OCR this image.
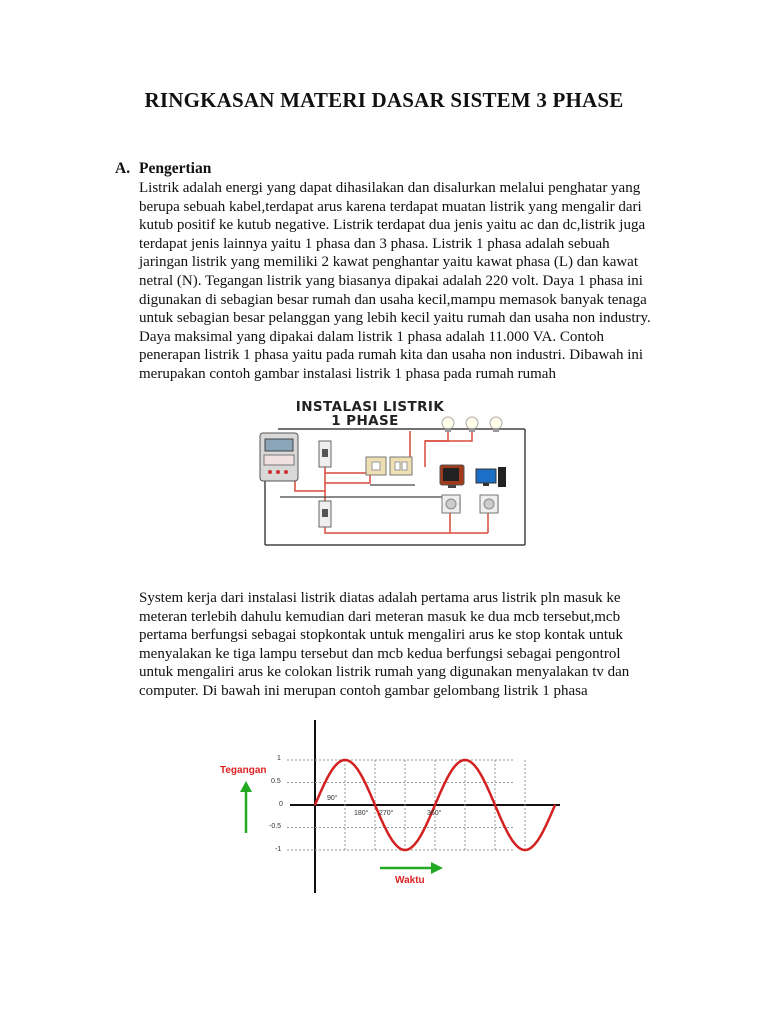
RINGKASAN MATERI DASAR SISTEM 3 PHASE
A. Pengertian
Listrik adalah energi yang dapat dihasilakan dan disalurkan melalui penghatar yang
berupa sebuah kabel,terdapat arus karena terdapat muatan listrik yang mengalir dari
kutub positif ke kutub negative. Listrik terdapat dua jenis yaitu ac dan dc,listrik juga
terdapat jenis lainnya yaitu 1 phasa dan 3 phasa. Listrik 1 phasa adalah sebuah
jaringan listrik yang memiliki 2 kawat penghantar yaitu kawat phasa (L) dan kawat
netral (N). Tegangan listrik yang biasanya dipakai adalah 220 volt. Daya 1 phasa ini
digunakan di sebagian besar rumah dan usaha kecil,mampu memasok banyak tenaga
untuk sebagian besar pelanggan yang lebih kecil yaitu rumah dan usaha non industry.
Daya maksimal yang dipakai dalam listrik 1 phasa adalah 11.000 VA. Contoh
penerapan listrik 1 phasa yaitu pada rumah kita dan usaha non industri. Dibawah ini
merupakan contoh gambar instalasi listrik 1 phasa pada rumah rumah
INSTALASI LISTRIK
1 PHASE
System kerja dari instalasi listrik diatas adalah pertama arus listrik pln masuk ke
meteran terlebih dahulu kemudian dari meteran masuk ke dua mcb tersebut,mcb
pertama berfungsi sebagai stopkontak untuk mengaliri arus ke stop kontak untuk
menyalakan ke tiga lampu tersebut dan mcb kedua berfungsi sebagai pengontrol
untuk mengaliri arus ke colokan listrik rumah yang digunakan menyalakan tv dan
computer. Di bawah ini merupan contoh gambar gelombang listrik 1 phasa
Tegangan
Waktu
1
0.5
0
-0.5
-1
90°
180° 270°	360°
